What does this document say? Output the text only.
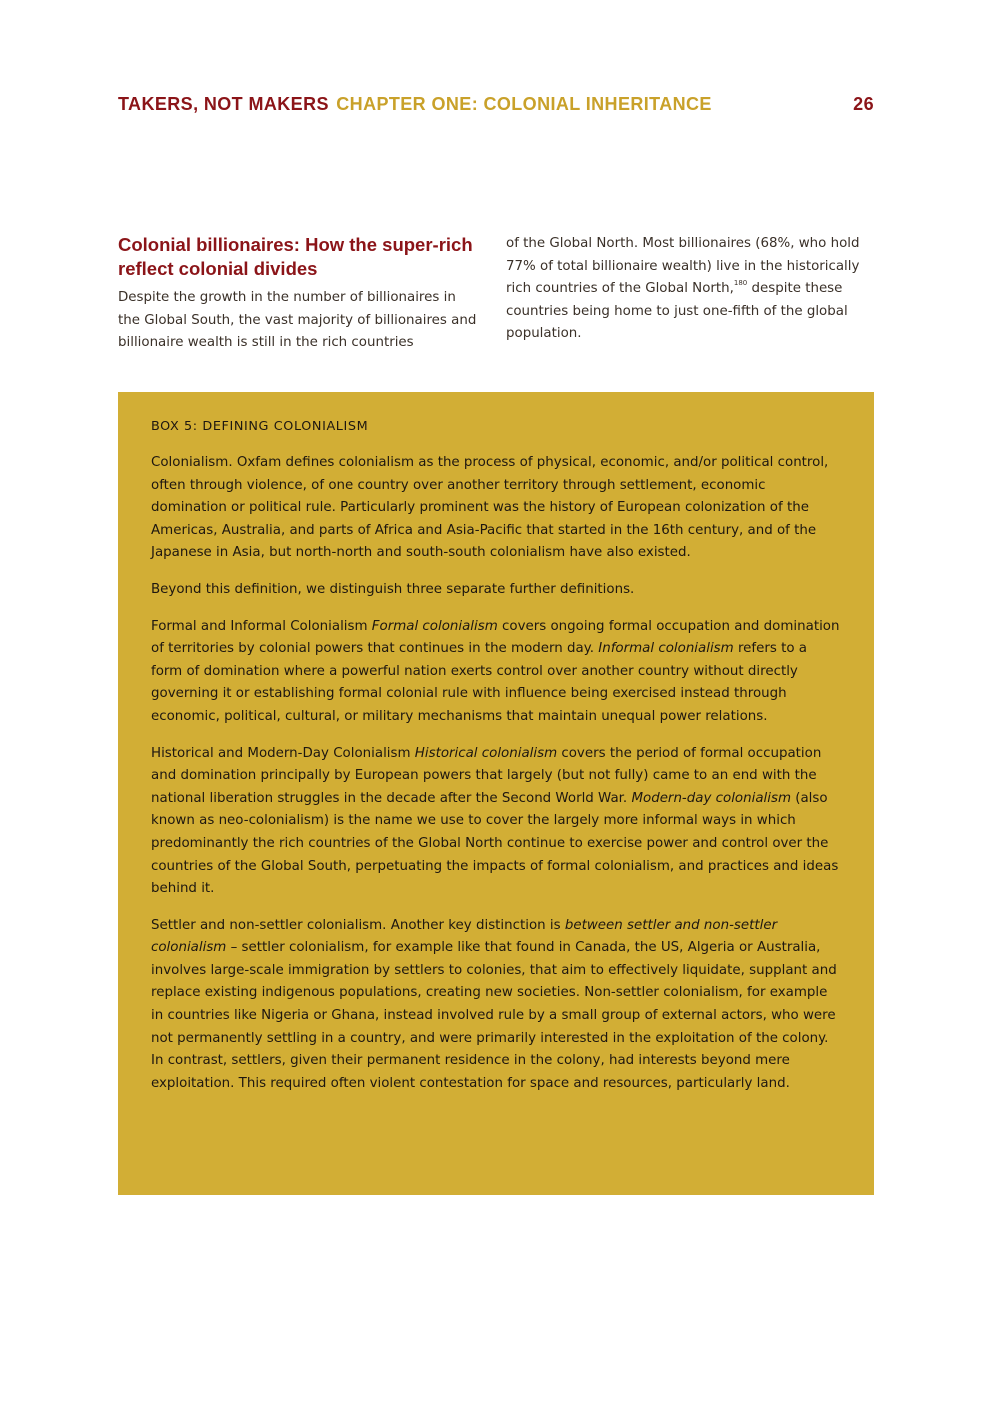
TAKERS, NOT MAKERS CHAPTER ONE: COLONIAL INHERITANCE	26
Colonial billionaires: How the super-rich reflect colonial divides

Despite the growth in the number of billionaires in the Global South, the vast majority of billionaires and billionaire wealth is still in the rich countries

of the Global North. Most billionaires (68%, who hold 77% of total billionaire wealth) live in the historically rich countries of the Global North,$^{180}$ despite these countries being home to just one-fifth of the global population.

BOX 5: DEFINING COLONIALISM

Colonialism. Oxfam defines colonialism as the process of physical, economic, and/or political control, often through violence, of one country over another territory through settlement, economic domination or political rule. Particularly prominent was the history of European colonization of the Americas, Australia, and parts of Africa and Asia-Pacific that started in the 16th century, and of the Japanese in Asia, but north-north and south-south colonialism have also existed.

Beyond this definition, we distinguish three separate further definitions.

Formal and Informal Colonialism Formal colonialism covers ongoing formal occupation and domination of territories by colonial powers that continues in the modern day. Informal colonialism refers to a form of domination where a powerful nation exerts control over another country without directly governing it or establishing formal colonial rule with influence being exercised instead through economic, political, cultural, or military mechanisms that maintain unequal power relations.

Historical and Modern-Day Colonialism Historical colonialism covers the period of formal occupation and domination principally by European powers that largely (but not fully) came to an end with the national liberation struggles in the decade after the Second World War. Modern-day colonialism (also known as neo-colonialism) is the name we use to cover the largely more informal ways in which predominantly the rich countries of the Global North continue to exercise power and control over the countries of the Global South, perpetuating the impacts of formal colonialism, and practices and ideas behind it.

Settler and non-settler colonialism. Another key distinction is between settler and non-settler colonialism – settler colonialism, for example like that found in Canada, the US, Algeria or Australia, involves large-scale immigration by settlers to colonies, that aim to effectively liquidate, supplant and replace existing indigenous populations, creating new societies. Non-settler colonialism, for example in countries like Nigeria or Ghana, instead involved rule by a small group of external actors, who were not permanently settling in a country, and were primarily interested in the exploitation of the colony. In contrast, settlers, given their permanent residence in the colony, had interests beyond mere exploitation. This required often violent contestation for space and resources, particularly land.
